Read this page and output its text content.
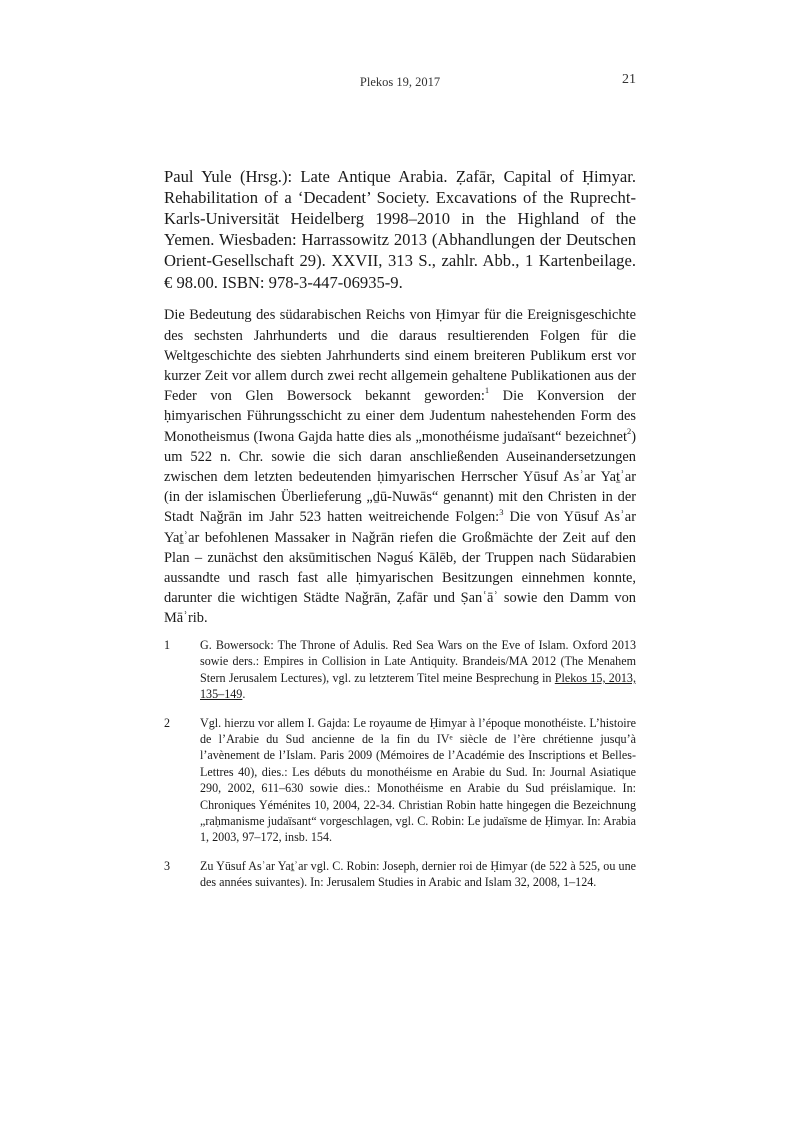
Plekos 19, 2017	21

Paul Yule (Hrsg.): Late Antique Arabia. Ẓafār, Capital of Ḥimyar. Rehabilitation of a ‘Decadent’ Society. Excavations of the Ruprecht-Karls-Universität Heidelberg 1998–2010 in the Highland of the Yemen. Wiesbaden: Harrassowitz 2013 (Abhandlungen der Deutschen Orient-Gesellschaft 29). XXVII, 313 S., zahlr. Abb., 1 Kartenbeilage. € 98.00. ISBN: 978-3-447-06935-9.

Die Bedeutung des südarabischen Reichs von Ḥimyar für die Ereignisgeschichte des sechsten Jahrhunderts und die daraus resultierenden Folgen für die Weltgeschichte des siebten Jahrhunderts sind einem breiteren Publikum erst vor kurzer Zeit vor allem durch zwei recht allgemein gehaltene Publikationen aus der Feder von Glen Bowersock bekannt geworden:$^1$ Die Konversion der ḥimyarischen Führungsschicht zu einer dem Judentum nahestehenden Form des Monotheismus (Iwona Gajda hatte dies als „monothéisme judaïsant“ bezeichnet$^2$) um 522 n. Chr. sowie die sich daran anschließenden Auseinandersetzungen zwischen dem letzten bedeutenden ḥimyarischen Herrscher Yūsuf Asʾar Yaṯʾar (in der islamischen Überlieferung „ḏū-Nuwās“ genannt) mit den Christen in der Stadt Naǧrān im Jahr 523 hatten weitreichende Folgen:$^3$ Die von Yūsuf Asʾar Yaṯʾar befohlenen Massaker in Naǧrān riefen die Großmächte der Zeit auf den Plan – zunächst den aksūmitischen Nəguś Kālēb, der Truppen nach Südarabien aussandte und rasch fast alle ḥimyarischen Besitzungen einnehmen konnte, darunter die wichtigen Städte Naǧrān, Ẓafār und Ṣanʿāʾ sowie den Damm von Māʾrib.

1 G. Bowersock: The Throne of Adulis. Red Sea Wars on the Eve of Islam. Oxford 2013 sowie ders.: Empires in Collision in Late Antiquity. Brandeis/MA 2012 (The Menahem Stern Jerusalem Lectures), vgl. zu letzterem Titel meine Besprechung in Plekos 15, 2013, 135–149.
2 Vgl. hierzu vor allem I. Gajda: Le royaume de Ḥimyar à l’époque monothéiste. L’histoire de l’Arabie du Sud ancienne de la fin du IVᵉ siècle de l’ère chrétienne jusqu’à l’avènement de l’Islam. Paris 2009 (Mémoires de l’Académie des Inscriptions et Belles-Lettres 40), dies.: Les débuts du monothéisme en Arabie du Sud. In: Journal Asiatique 290, 2002, 611–630 sowie dies.: Monothéisme en Arabie du Sud préislamique. In: Chroniques Yéménites 10, 2004, 22-34. Christian Robin hatte hingegen die Bezeichnung „raḥmanisme judaïsant“ vorgeschlagen, vgl. C. Robin: Le judaïsme de Ḥimyar. In: Arabia 1, 2003, 97–172, insb. 154.
3 Zu Yūsuf Asʾar Yaṯʾar vgl. C. Robin: Joseph, dernier roi de Ḥimyar (de 522 à 525, ou une des années suivantes). In: Jerusalem Studies in Arabic and Islam 32, 2008, 1–124.
